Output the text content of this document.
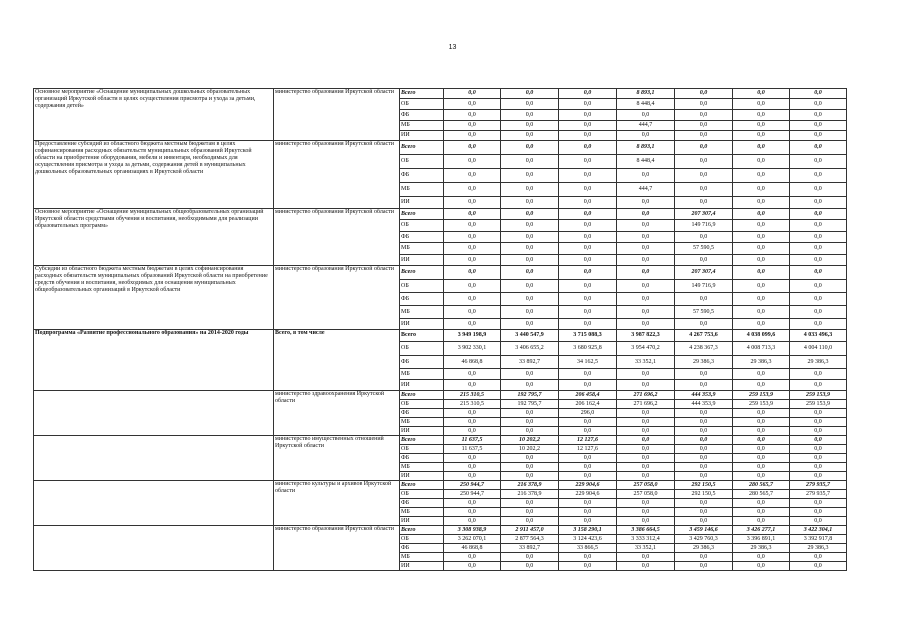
13
Основное мероприятие «Оснащение муниципальных дошкольных образовательных организаций Иркутской области в целях осуществления присмотра и ухода за детьми, содержания детей»	министерство образования Иркутской области	Всего	0,0	0,0	0,0	8 893,1	0,0	0,0	0,0
		ОБ	0,0	0,0	0,0	8 448,4	0,0	0,0	0,0
		ФБ	0,0	0,0	0,0	0,0	0,0	0,0	0,0
		МБ	0,0	0,0	0,0	444,7	0,0	0,0	0,0
		ИИ	0,0	0,0	0,0	0,0	0,0	0,0	0,0
Предоставление субсидий из областного бюджета местным бюджетам в целях софинансирования расходных обязательств муниципальных образований Иркутской области на приобретение оборудования, мебели и инвентаря, необходимых для осуществления присмотра и ухода за детьми, содержания детей в муниципальных дошкольных образовательных организациях в Иркутской области	министерство образования Иркутской области	Всего	0,0	0,0	0,0	8 893,1	0,0	0,0	0,0
		ОБ	0,0	0,0	0,0	8 448,4	0,0	0,0	0,0
		ФБ	0,0	0,0	0,0	0,0	0,0	0,0	0,0
		МБ	0,0	0,0	0,0	444,7	0,0	0,0	0,0
		ИИ	0,0	0,0	0,0	0,0	0,0	0,0	0,0
Основное мероприятие «Оснащение муниципальных общеобразовательных организаций Иркутской области средствами обучения и воспитания, необходимыми для реализации образовательных программ»	министерство образования Иркутской области	Всего	0,0	0,0	0,0	0,0	207 307,4	0,0	0,0
		ОБ	0,0	0,0	0,0	0,0	149 716,9	0,0	0,0
		ФБ	0,0	0,0	0,0	0,0	0,0	0,0	0,0
		МБ	0,0	0,0	0,0	0,0	57 590,5	0,0	0,0
		ИИ	0,0	0,0	0,0	0,0	0,0	0,0	0,0
Субсидии из областного бюджета местным бюджетам в целях софинансирования расходных обязательств муниципальных образований Иркутской области на приобретение средств обучения и воспитания, необходимых для оснащения муниципальных общеобразовательных организаций в Иркутской области	министерство образования Иркутской области	Всего	0,0	0,0	0,0	0,0	207 307,4	0,0	0,0
		ОБ	0,0	0,0	0,0	0,0	149 716,9	0,0	0,0
		ФБ	0,0	0,0	0,0	0,0	0,0	0,0	0,0
		МБ	0,0	0,0	0,0	0,0	57 590,5	0,0	0,0
		ИИ	0,0	0,0	0,0	0,0	0,0	0,0	0,0
Подпрограмма «Развитие профессионального образования» на 2014-2020 годы	Всего, в том числе	Всего	3 949 198,9	3 440 547,9	3 715 088,3	3 987 822,3	4 267 753,6	4 038 099,6	4 033 496,3
		ОБ	3 902 330,1	3 406 655,2	3 680 925,8	3 954 470,2	4 238 367,3	4 008 713,3	4 004 110,0
		ФБ	46 868,8	33 892,7	34 162,5	33 352,1	29 386,3	29 386,3	29 386,3
		МБ	0,0	0,0	0,0	0,0	0,0	0,0	0,0
		ИИ	0,0	0,0	0,0	0,0	0,0	0,0	0,0
	министерство здравоохранения Иркутской области	Всего	215 310,5	192 795,7	206 458,4	271 696,2	444 353,9	259 153,9	259 153,9
		ОБ	215 310,5	192 795,7	206 162,4	271 696,2	444 353,9	259 153,9	259 153,9
		ФБ	0,0	0,0	296,0	0,0	0,0	0,0	0,0
		МБ	0,0	0,0	0,0	0,0	0,0	0,0	0,0
		ИИ	0,0	0,0	0,0	0,0	0,0	0,0	0,0
	министерство имущественных отношений Иркутской области	Всего	11 637,5	10 202,2	12 127,6	0,0	0,0	0,0	0,0
		ОБ	11 637,5	10 202,2	12 127,6	0,0	0,0	0,0	0,0
		ФБ	0,0	0,0	0,0	0,0	0,0	0,0	0,0
		МБ	0,0	0,0	0,0	0,0	0,0	0,0	0,0
		ИИ	0,0	0,0	0,0	0,0	0,0	0,0	0,0
	министерство культуры и архивов Иркутской области	Всего	250 944,7	216 378,9	229 904,6	257 058,0	292 150,5	280 565,7	279 935,7
		ОБ	250 944,7	216 378,9	229 904,6	257 058,0	292 150,5	280 565,7	279 935,7
		ФБ	0,0	0,0	0,0	0,0	0,0	0,0	0,0
		МБ	0,0	0,0	0,0	0,0	0,0	0,0	0,0
		ИИ	0,0	0,0	0,0	0,0	0,0	0,0	0,0
	министерство образования Иркутской области	Всего	3 308 938,9	2 911 457,0	3 158 290,1	3 386 664,5	3 459 146,6	3 426 277,1	3 422 304,1
		ОБ	3 262 070,1	2 877 564,3	3 124 423,6	3 333 312,4	3 429 760,3	3 396 891,1	3 392 917,8
		ФБ	46 868,8	33 892,7	33 866,5	33 352,1	29 386,3	29 386,3	29 386,3
		МБ	0,0	0,0	0,0	0,0	0,0	0,0	0,0
		ИИ	0,0	0,0	0,0	0,0	0,0	0,0	0,0
